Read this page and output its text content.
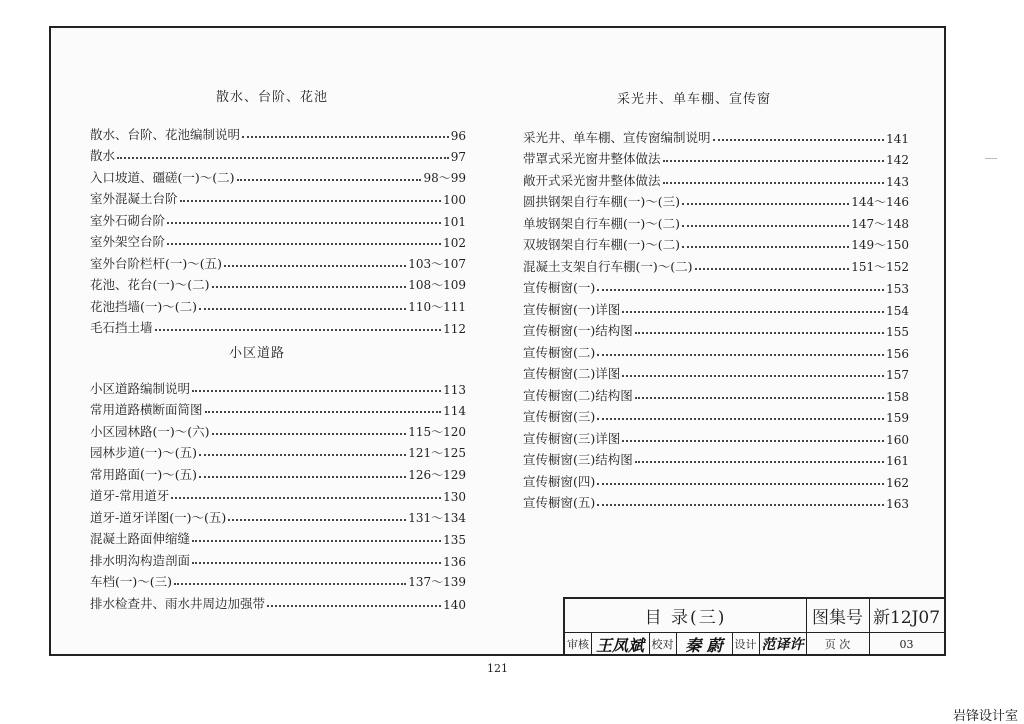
散水、台阶、花池
散水、台阶、花池编制说明	96
散水	97
入口坡道、礓磋(一)～(二)	98～99
室外混凝土台阶	100
室外石砌台阶	101
室外架空台阶	102
室外台阶栏杆(一)～(五)	103～107
花池、花台(一)～(二)	108～109
花池挡墙(一)～(二)	110～111
毛石挡土墙	112
小区道路
小区道路编制说明	113
常用道路横断面简图	114
小区园林路(一)～(六)	115～120
园林步道(一)～(五)	121～125
常用路面(一)～(五)	126～129
道牙-常用道牙	130
道牙-道牙详图(一)～(五)	131～134
混凝土路面伸缩缝	135
排水明沟构造剖面	136
车档(一)～(三)	137～139
排水检查井、雨水井周边加强带	140
采光井、单车棚、宣传窗
采光井、单车棚、宣传窗编制说明	141
带罩式采光窗井整体做法	142
敞开式采光窗井整体做法	143
圆拱钢架自行车棚(一)～(三)	144～146
单坡钢架自行车棚(一)～(二)	147～148
双坡钢架自行车棚(一)～(二)	149～150
混凝土支架自行车棚(一)～(二)	151～152
宣传橱窗(一)	153
宣传橱窗(一)详图	154
宣传橱窗(一)结构图	155
宣传橱窗(二)	156
宣传橱窗(二)详图	157
宣传橱窗(二)结构图	158
宣传橱窗(三)	159
宣传橱窗(三)详图	160
宣传橱窗(三)结构图	161
宣传橱窗(四)	162
宣传橱窗(五)	163
目 录(三)	图集号 新12J07
审核 王凤斌 校对 秦 蔚	设计 范译许	页 次	03
121
岩锋设计室
